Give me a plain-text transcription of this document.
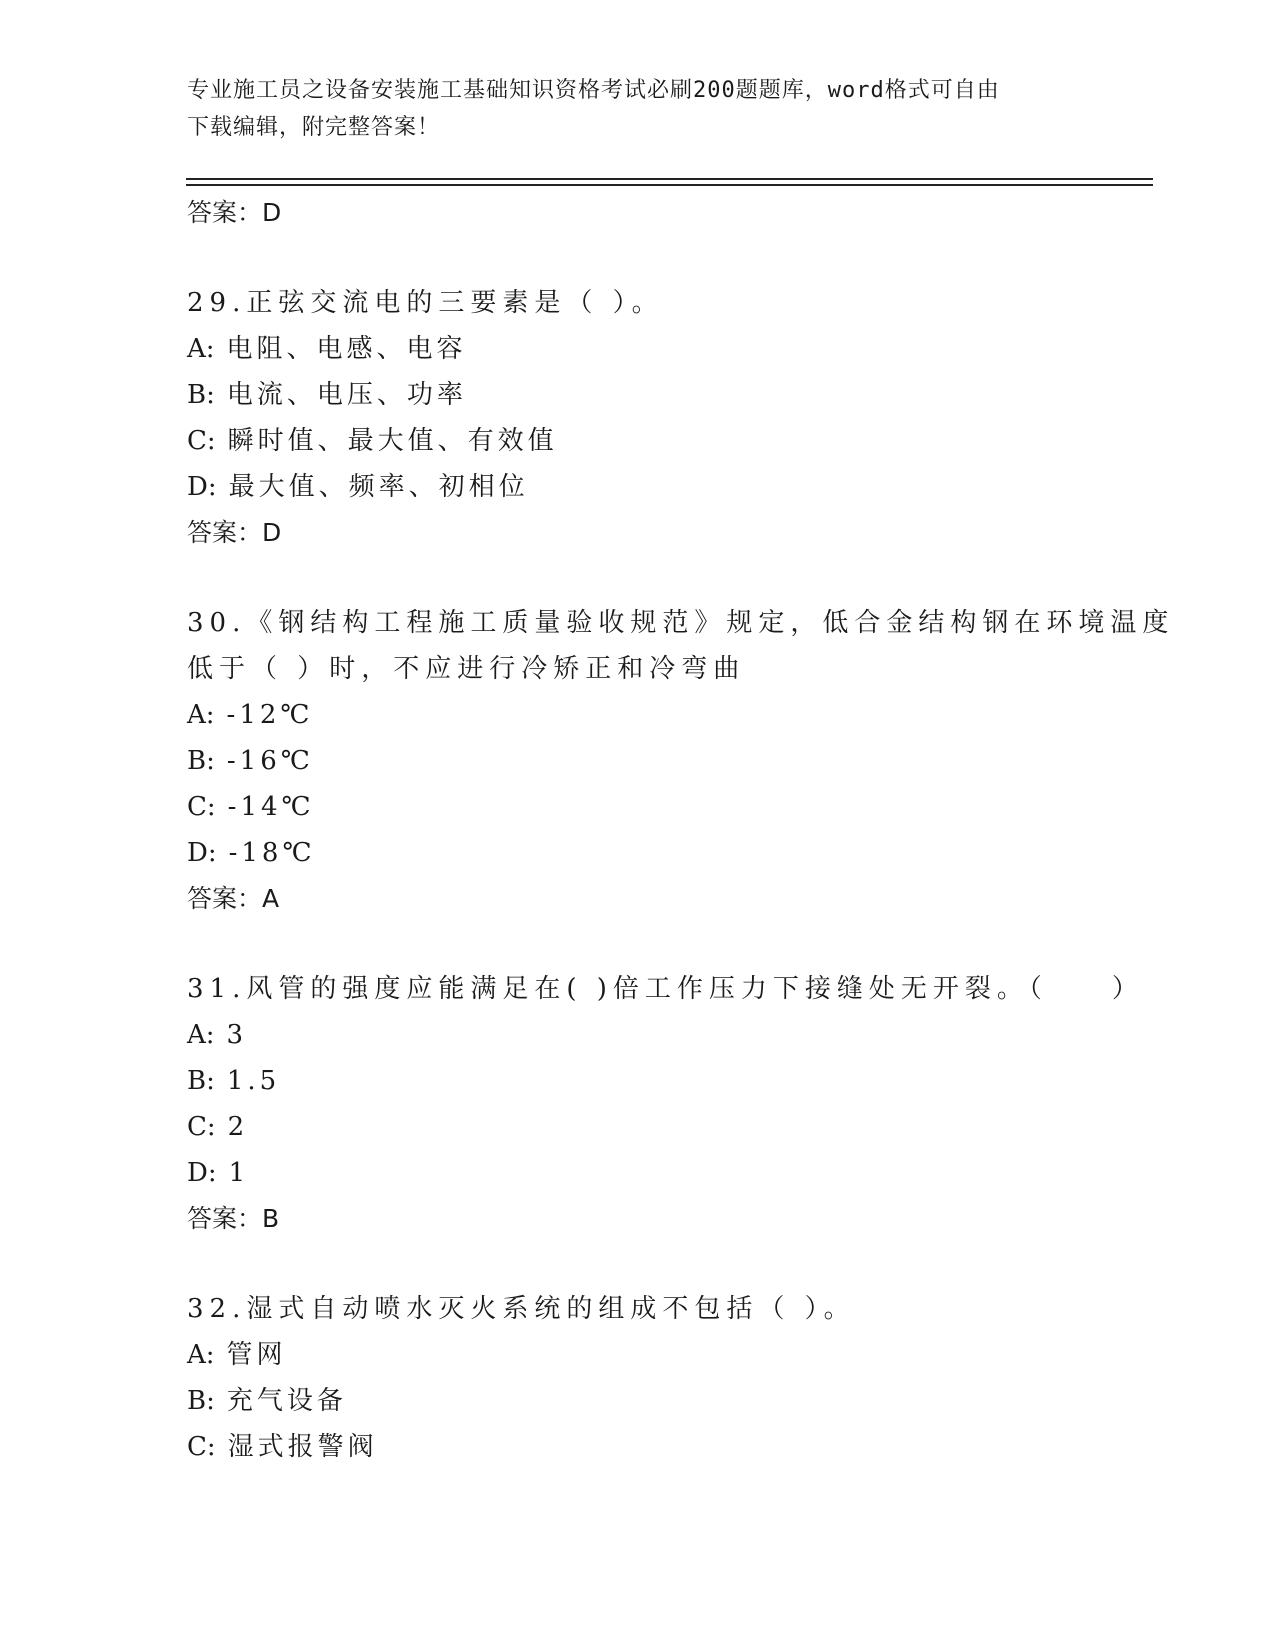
专业施工员之设备安装施工基础知识资格考试必刷200题题库，word格式可自由
下载编辑，附完整答案！
答案：D
29.正弦交流电的三要素是（ ）。
A: 电阻、电感、电容
B: 电流、电压、功率
C: 瞬时值、最大值、有效值
D: 最大值、频率、初相位
答案：D
30.《钢结构工程施工质量验收规范》规定，低合金结构钢在环境温度
低于（ ）时，不应进行冷矫正和冷弯曲
A: -12℃
B: -16℃
C: -14℃
D: -18℃
答案：A
31.风管的强度应能满足在( )倍工作压力下接缝处无开裂。（　　）
A: 3
B: 1.5
C: 2
D: 1
答案：B
32.湿式自动喷水灭火系统的组成不包括（ ）。
A: 管网
B: 充气设备
C: 湿式报警阀
